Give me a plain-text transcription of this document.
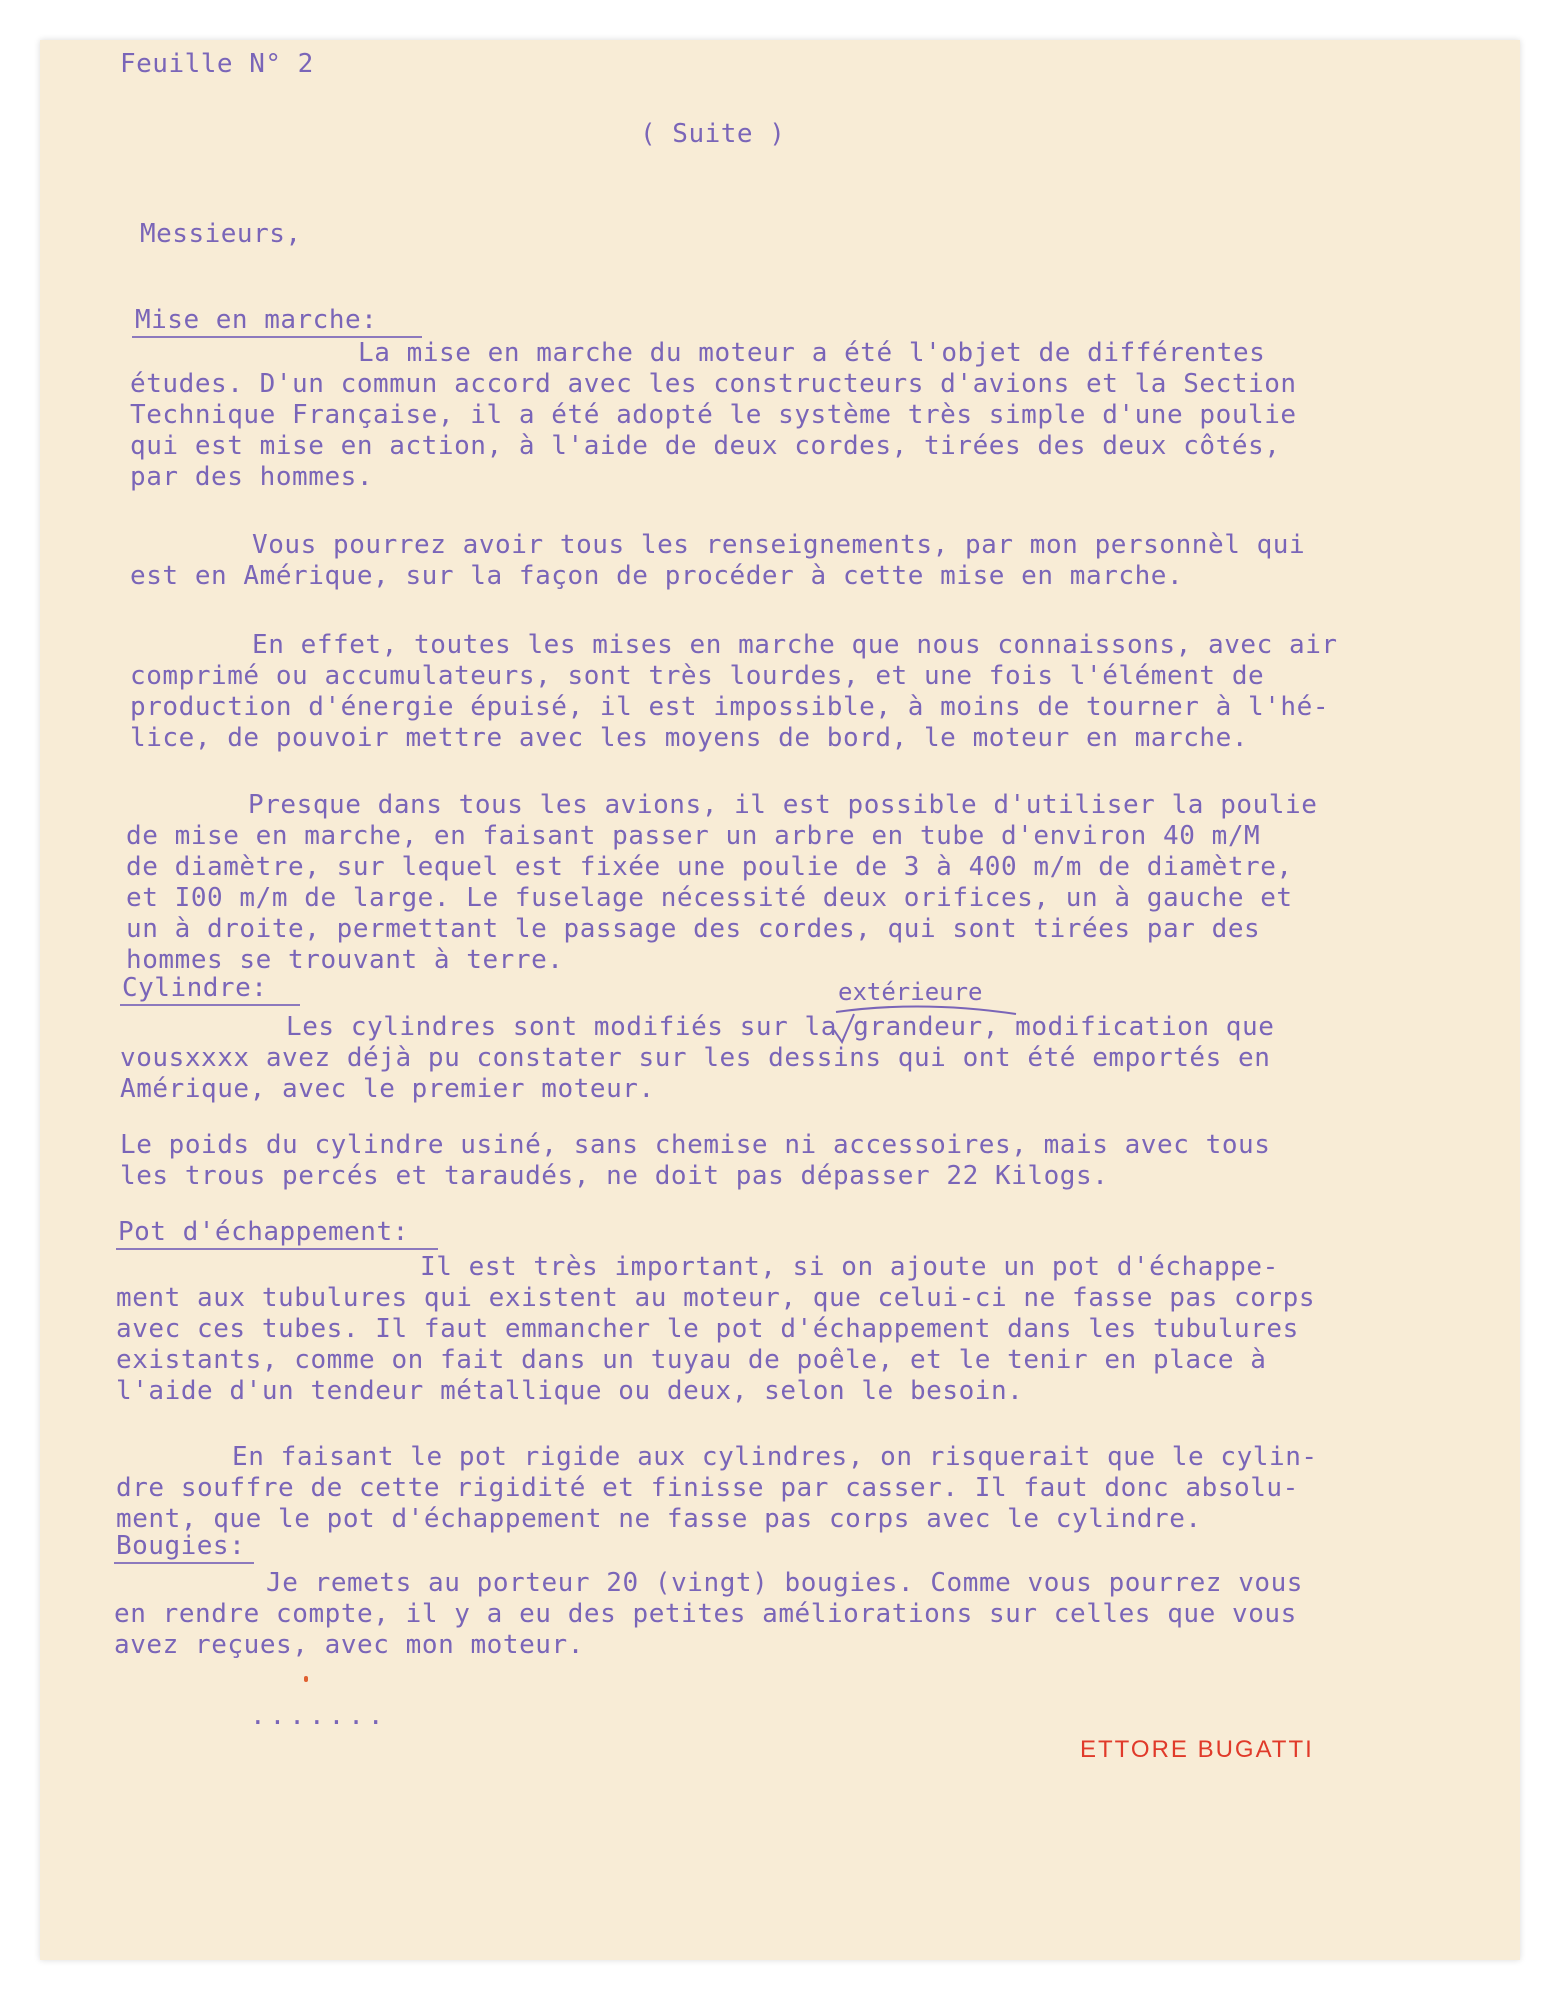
Feuille N° 2
( Suite )
Messieurs,
Mise en marche:
La mise en marche du moteur a été l'objet de différentes
études. D'un commun accord avec les constructeurs d'avions et la Section
Technique Française, il a été adopté le système très simple d'une poulie
qui est mise en action, à l'aide de deux cordes, tirées des deux côtés,
par des hommes.
Vous pourrez avoir tous les renseignements, par mon personnèl qui
est en Amérique, sur la façon de procéder à cette mise en marche.
En effet, toutes les mises en marche que nous connaissons, avec air
comprimé ou accumulateurs, sont très lourdes, et une fois l'élément de
production d'énergie épuisé, il est impossible, à moins de tourner à l'hé-
lice, de pouvoir mettre avec les moyens de bord, le moteur en marche.
Presque dans tous les avions, il est possible d'utiliser la poulie
de mise en marche, en faisant passer un arbre en tube d'environ 40 m/M
de diamètre, sur lequel est fixée une poulie de 3 à 400 m/m de diamètre,
et I00 m/m de large. Le fuselage nécessité deux orifices, un à gauche et
un à droite, permettant le passage des cordes, qui sont tirées par des
hommes se trouvant à terre.
Cylindre:	extérieure
Les cylindres sont modifiés sur la grandeur, modification que
vousxxxx avez déjà pu constater sur les dessins qui ont été emportés en
Amérique, avec le premier moteur.
Le poids du cylindre usiné, sans chemise ni accessoires, mais avec tous
les trous percés et taraudés, ne doit pas dépasser 22 Kilogs.
Pot d'échappement:
Il est très important, si on ajoute un pot d'échappe-
ment aux tubulures qui existent au moteur, que celui-ci ne fasse pas corps
avec ces tubes. Il faut emmancher le pot d'échappement dans les tubulures
existants, comme on fait dans un tuyau de poêle, et le tenir en place à
l'aide d'un tendeur métallique ou deux, selon le besoin.
En faisant le pot rigide aux cylindres, on risquerait que le cylin-
dre souffre de cette rigidité et finisse par casser. Il faut donc absolu-
ment, que le pot d'échappement ne fasse pas corps avec le cylindre.
Bougies:
Je remets au porteur 20 (vingt) bougies. Comme vous pourrez vous
en rendre compte, il y a eu des petites améliorations sur celles que vous
avez reçues, avec mon moteur.
.......
ETTORE BUGATTI
